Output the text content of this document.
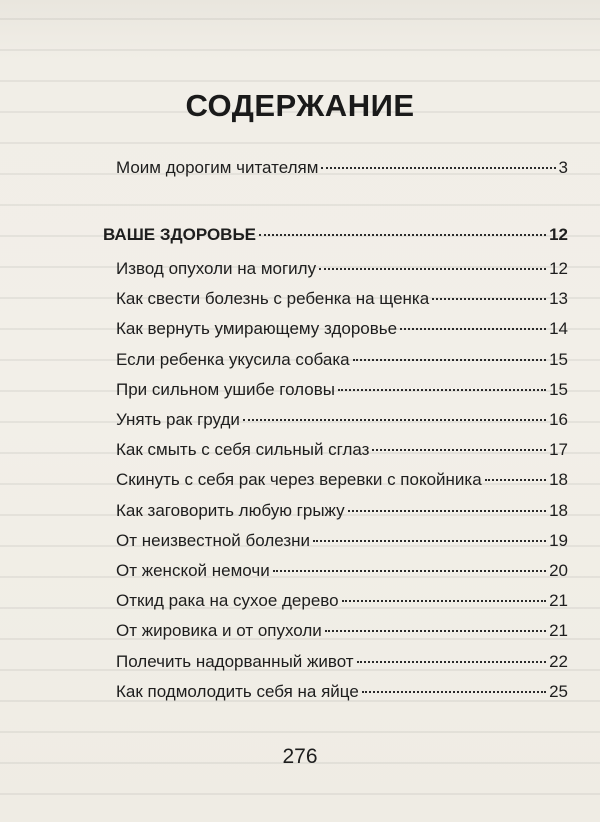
СОДЕРЖАНИЕ
Моим дорогим читателям	3
ВАШЕ ЗДОРОВЬЕ	12
Извод опухоли на могилу	12
Как свести болезнь с ребенка на щенка	13
Как вернуть умирающему здоровье	14
Если ребенка укусила собака	15
При сильном ушибе головы	15
Унять рак груди	16
Как смыть с себя сильный сглаз	17
Скинуть с себя рак через веревки с покойника	18
Как заговорить любую грыжу	18
От неизвестной болезни	19
От женской немочи	20
Откид рака на сухое дерево	21
От жировика и от опухоли	21
Полечить надорванный живот	22
Как подмолодить себя на яйце	25
276
